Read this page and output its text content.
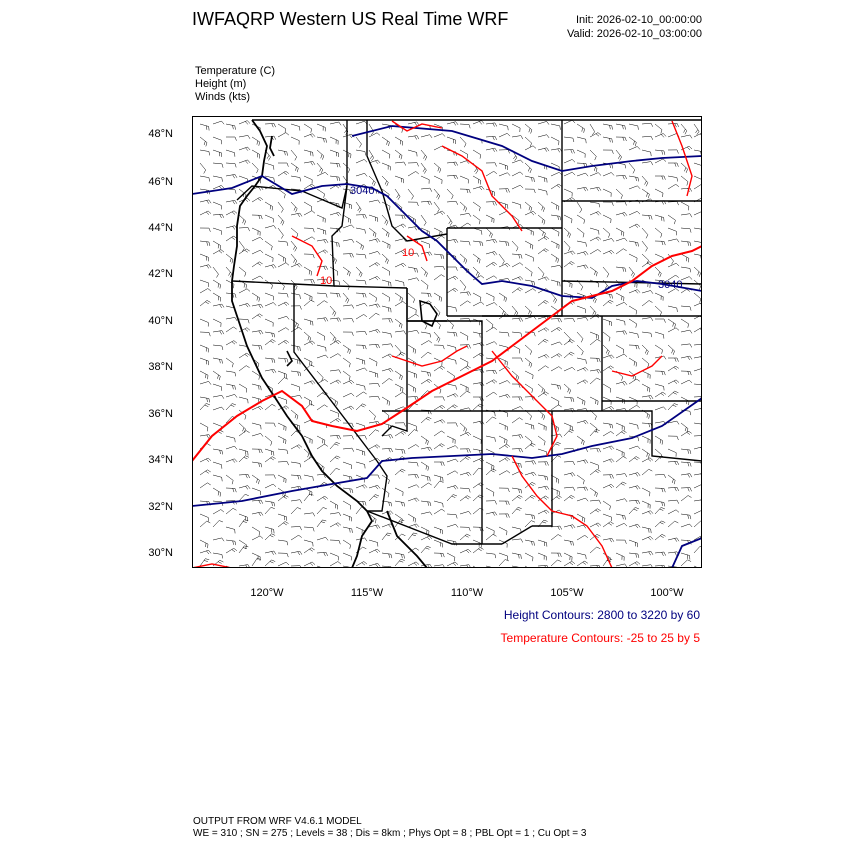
IWFAQRP Western US Real Time WRF	Init: 2026-02-10_00:00:00
Valid: 2026-02-10_03:00:00
Temperature (C)
Height (m)
Winds (kts)
48°N
46°N
44°N
42°N
40°N
38°N
36°N
34°N
32°N
30°N
120°W	115°W	110°W	105°W	100°W
3040
3040
10
10
Height Contours: 2800 to 3220 by 60
Temperature Contours: -25 to 25 by 5
OUTPUT FROM WRF V4.6.1 MODEL
WE = 310 ; SN = 275 ; Levels = 38 ; Dis = 8km ; Phys Opt = 8 ; PBL Opt = 1 ; Cu Opt = 3
